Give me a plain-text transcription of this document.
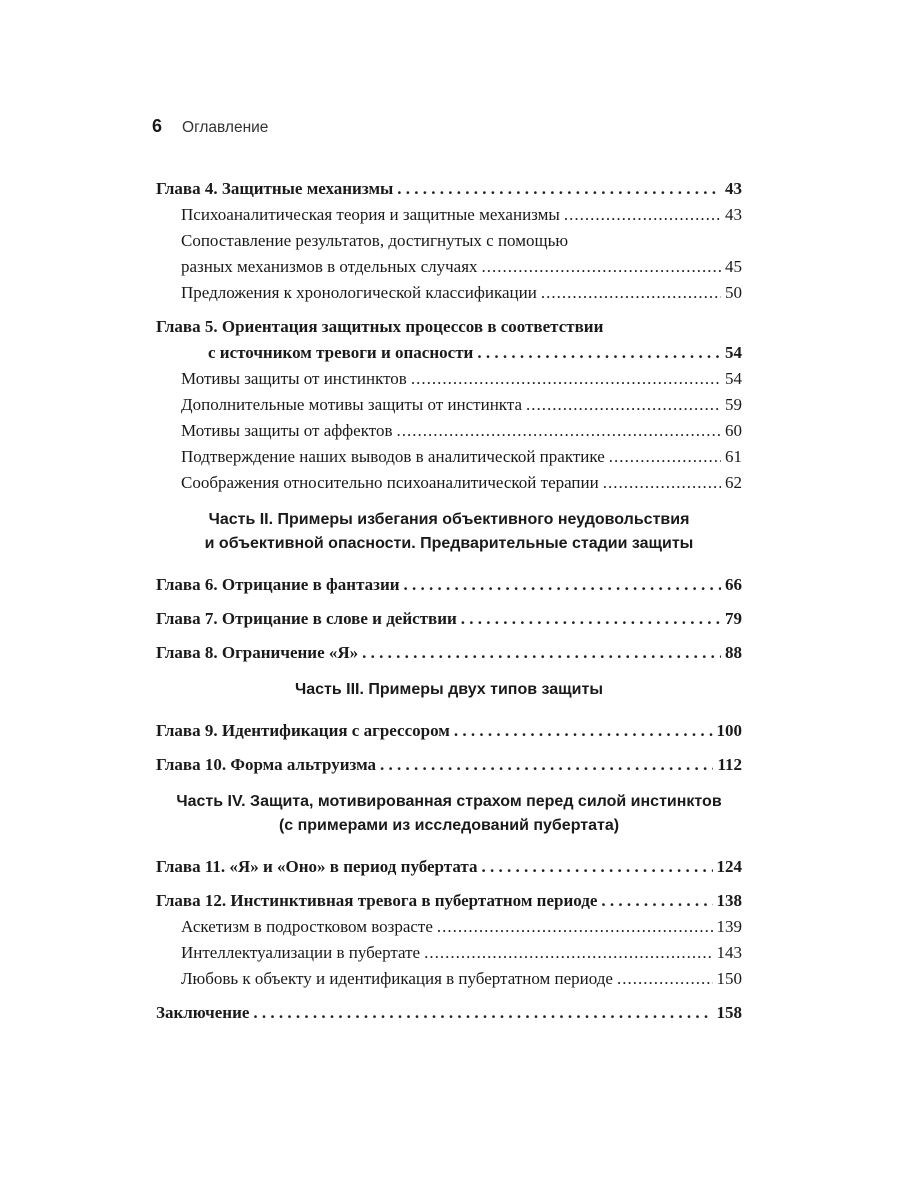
6 Оглавление
Глава 4. Защитные механизмы . . .	43
Психоаналитическая теория и защитные механизмы .....	43
Сопоставление результатов, достигнутых с помощью
разных механизмов в отдельных случаях .....	45
Предложения к хронологической классификации .....	50
Глава 5. Ориентация защитных процессов в соответствии
с источником тревоги и опасности . . .	54
Мотивы защиты от инстинктов .....	54
Дополнительные мотивы защиты от инстинкта .....	59
Мотивы защиты от аффектов .....	60
Подтверждение наших выводов в аналитической практике .....	61
Соображения относительно психоаналитической терапии .....	62
Часть II. Примеры избегания объективного неудовольствия
и объективной опасности. Предварительные стадии защиты
Глава 6. Отрицание в фантазии . . .	66
Глава 7. Отрицание в слове и действии . . .	79
Глава 8. Ограничение «Я» . . .	88
Часть III. Примеры двух типов защиты
Глава 9. Идентификация с агрессором . . .	100
Глава 10. Форма альтруизма . . .	112
Часть IV. Защита, мотивированная страхом перед силой инстинктов
(с примерами из исследований пубертата)
Глава 11. «Я» и «Оно» в период пубертата . . .	124
Глава 12. Инстинктивная тревога в пубертатном периоде . . .	138
Аскетизм в подростковом возрасте .....	139
Интеллектуализации в пубертате .....	143
Любовь к объекту и идентификация в пубертатном периоде .....	150
Заключение . . .	158
